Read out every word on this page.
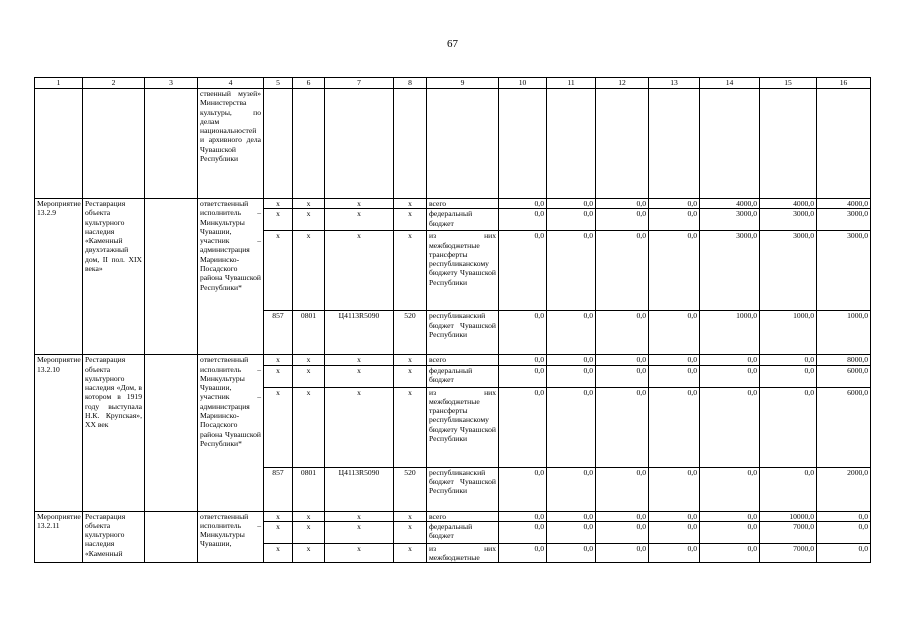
67
1	2	3	4	5	6	7	8	9	10	11	12	13	14	15	16
			ственный музей» Министерства культуры, по делам национальностей и архивного дела Чувашской Республики												
Мероприятие 13.2.9	Реставрация объекта культурного наследия «Каменный двухэтажный дом, II пол. XIX века»		ответственный исполнитель – Минкультуры Чувашии, участник – администрация Мариинско-Посадского района Чувашской Республики*	x	x	x	x	всего	0,0	0,0	0,0	0,0	4000,0	4000,0	4000,0
				x	x	x	x	федеральный бюджет	0,0	0,0	0,0	0,0	3000,0	3000,0	3000,0
				x	x	x	x	из них межбюджетные трансферты республиканскому бюджету Чувашской Республики	0,0	0,0	0,0	0,0	3000,0	3000,0	3000,0
				857	0801	Ц4113R5090	520	республиканский бюджет Чувашской Республики	0,0	0,0	0,0	0,0	1000,0	1000,0	1000,0
Мероприятие 13.2.10	Реставрация объекта культурного наследия «Дом, в котором в 1919 году выступала Н.К. Крупская», XX век		ответственный исполнитель – Минкультуры Чувашии, участник – администрация Мариинско-Посадского района Чувашской Республики*	x	x	x	x	всего	0,0	0,0	0,0	0,0	0,0	0,0	8000,0
				x	x	x	x	федеральный бюджет	0,0	0,0	0,0	0,0	0,0	0,0	6000,0
				x	x	x	x	из них межбюджетные трансферты республиканскому бюджету Чувашской Республики	0,0	0,0	0,0	0,0	0,0	0,0	6000,0
				857	0801	Ц4113R5090	520	республиканский бюджет Чувашской Республики	0,0	0,0	0,0	0,0	0,0	0,0	2000,0
Мероприятие 13.2.11	Реставрация объекта культурного наследия «Каменный		ответственный исполнитель – Минкультуры Чувашии,	x	x	x	x	всего	0,0	0,0	0,0	0,0	0,0	10000,0	0,0
				x	x	x	x	федеральный бюджет	0,0	0,0	0,0	0,0	0,0	7000,0	0,0
				x	x	x	x	из них межбюджетные	0,0	0,0	0,0	0,0	0,0	7000,0	0,0
